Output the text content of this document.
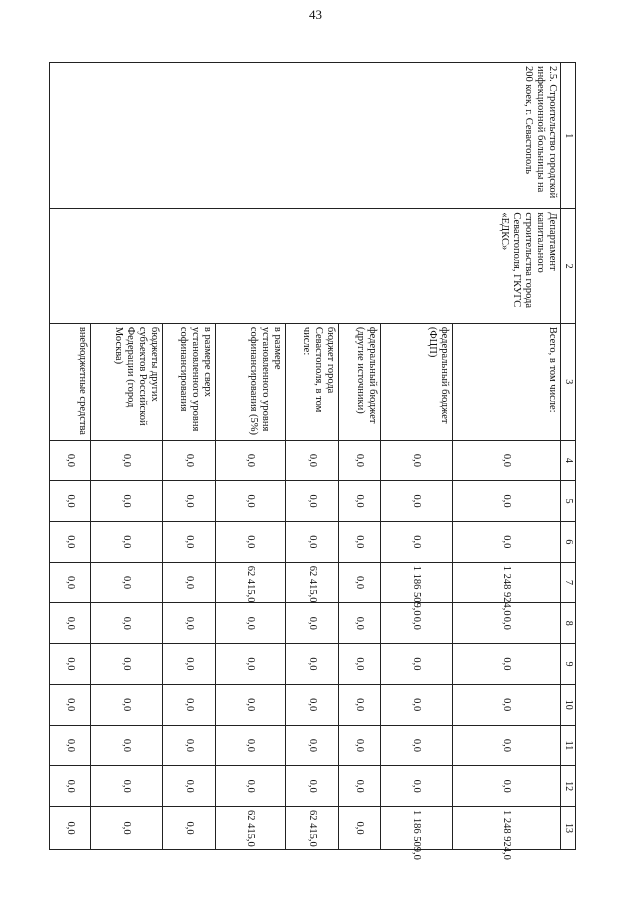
43
1	2	3	4	5	6	7	8	9	10	11	12	13
2.5. Строительство городской инфекционной больницы на 200 коек, г. Севастополь	Департамент капитального строительства города Севастополя, ГКУГС «ЕДКС»	Всего, в том числе:	0,0	0,0	0,0	1 248 924,0	0,0	0,0	0,0	0,0	0,0	1 248 924,0
		федеральный бюджет (ФЦП)	0,0	0,0	0,0	1 186 509,0	0,0	0,0	0,0	0,0	0,0	1 186 509,0
		федеральный бюджет (другие источники)	0,0	0,0	0,0	0,0	0,0	0,0	0,0	0,0	0,0	0,0
		бюджет города Севастополя, в том числе:	0,0	0,0	0,0	62 415,0	0,0	0,0	0,0	0,0	0,0	62 415,0
		в размере установленного уровня софинансирования (5%)	0,0	0,0	0,0	62 415,0	0,0	0,0	0,0	0,0	0,0	62 415,0
		в размере сверх установленного уровня софинансирования	0,0	0,0	0,0	0,0	0,0	0,0	0,0	0,0	0,0	0,0
		бюджеты других субъектов Российской Федерации (город Москва)	0,0	0,0	0,0	0,0	0,0	0,0	0,0	0,0	0,0	0,0
		внебюджетные средства	0,0	0,0	0,0	0,0	0,0	0,0	0,0	0,0	0,0	0,0
